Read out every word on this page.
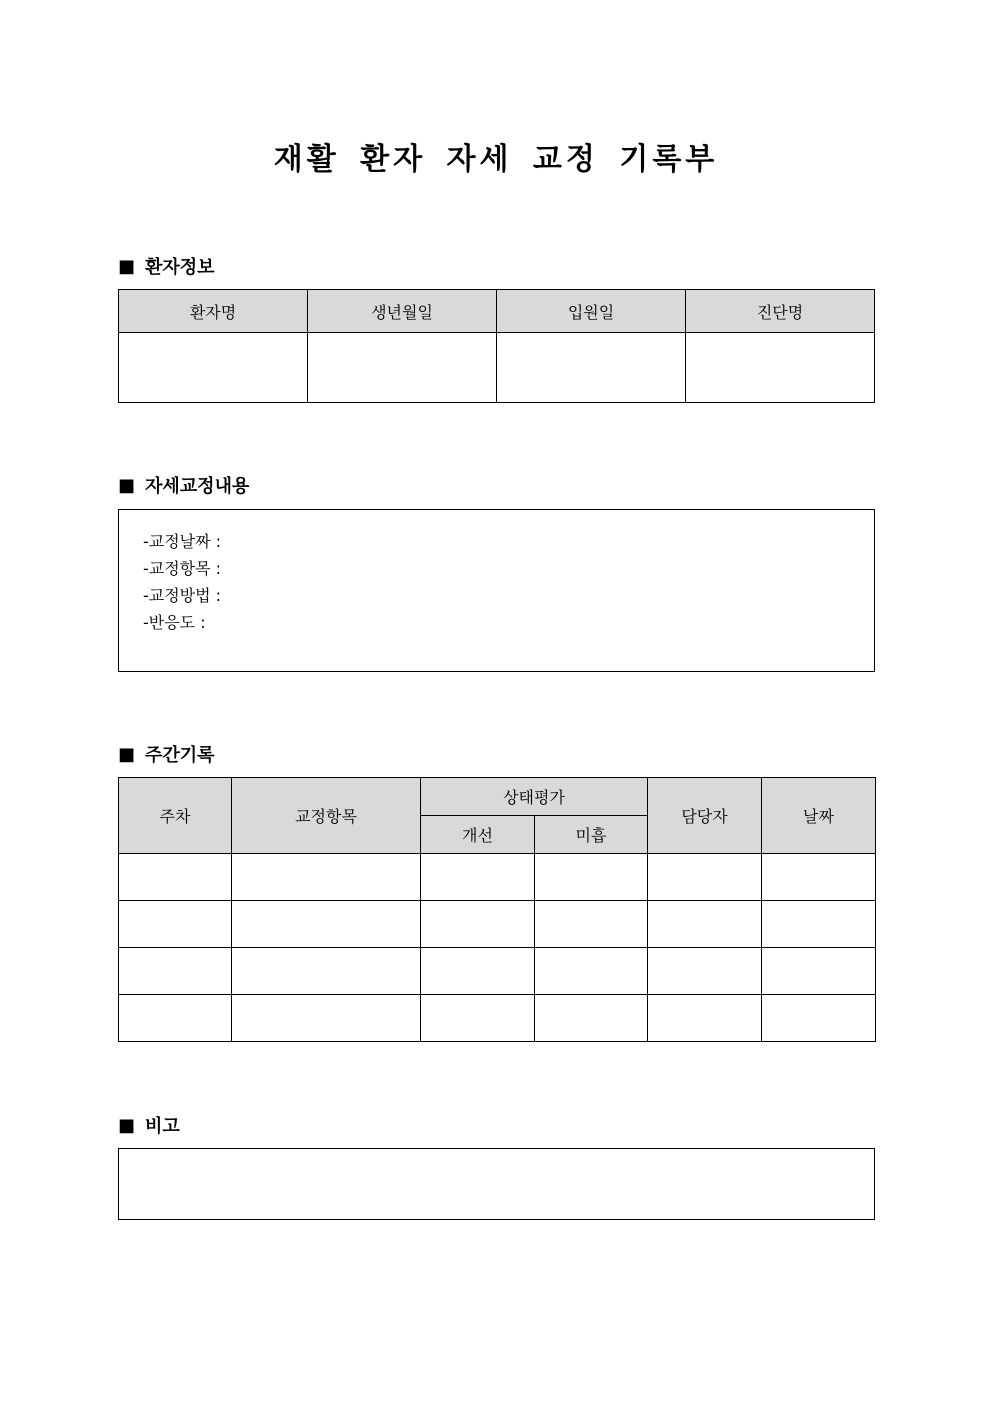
재활 환자 자세 교정 기록부
■ 환자정보
환자명	생년월일	입원일	진단명

■ 자세교정내용
-교정날짜 :
-교정항목 :
-교정방법 :
-반응도 :
■ 주간기록
주차	교정항목	상태평가		담당자	날짜
		개선	미흡		

■ 비고
